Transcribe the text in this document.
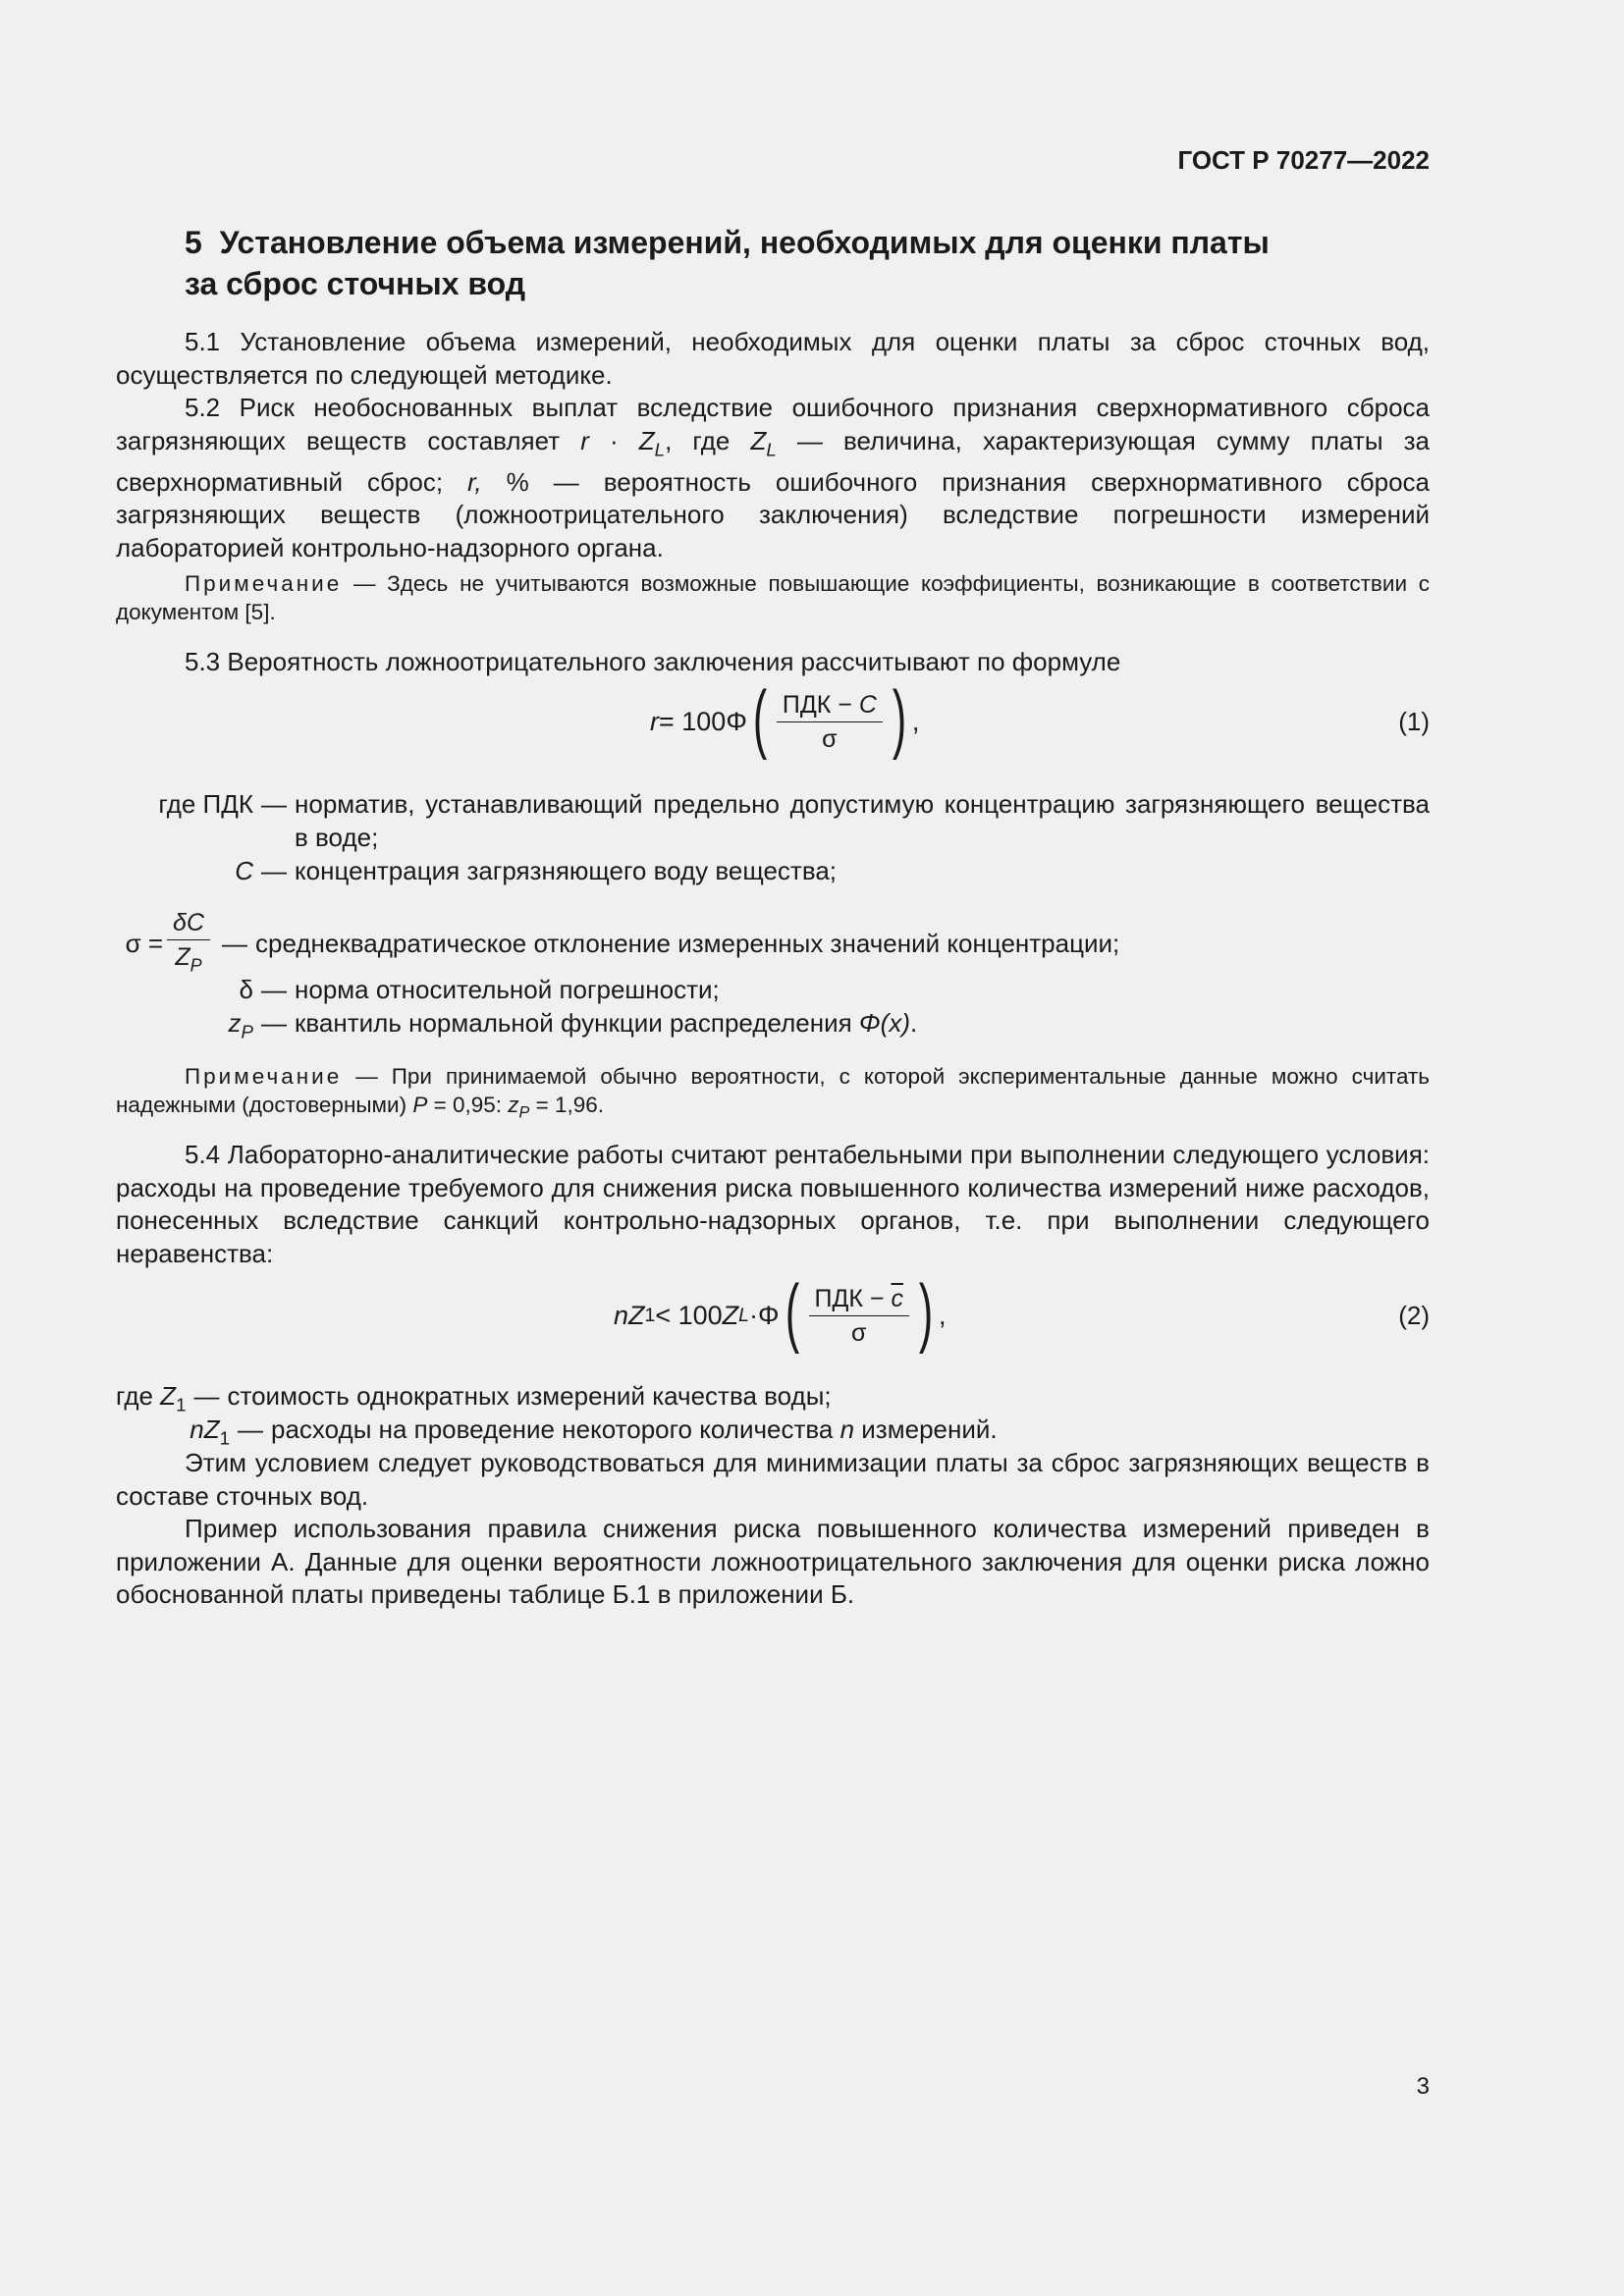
ГОСТ Р 70277—2022
5 Установление объема измерений, необходимых для оценки платы
за сброс сточных вод
5.1 Установление объема измерений, необходимых для оценки платы за сброс сточных вод, осуществляется по следующей методике.
5.2 Риск необоснованных выплат вследствие ошибочного признания сверхнормативного сброса загрязняющих веществ составляет $r \cdot Z_L$, где $Z_L$ — величина, характеризующая сумму платы за сверхнормативный сброс; r, % — вероятность ошибочного признания сверхнормативного сброса загрязняющих веществ (ложноотрицательного заключения) вследствие погрешности измерений лабораторией контрольно-надзорного органа.
Примечание — Здесь не учитываются возможные повышающие коэффициенты, возникающие в соответствии с документом [5].
5.3 Вероятность ложноотрицательного заключения рассчитывают по формуле
r = 100Φ ( $\frac{\text{ПДК − C}}{\sigma}$ ) ,	(1)
где ПДК — норматив, устанавливающий предельно допустимую концентрацию загрязняющего вещества в воде;
C — концентрация загрязняющего воду вещества;
$\sigma = \frac{\delta C}{Z_P}$ — среднеквадратическое отклонение измеренных значений концентрации;
δ — норма относительной погрешности;
$z_P$ — квантиль нормальной функции распределения Φ(x).
Примечание — При принимаемой обычно вероятности, с которой экспериментальные данные можно считать надежными (достоверными) P = 0,95: $z_P = 1,96$.
5.4 Лабораторно-аналитические работы считают рентабельными при выполнении следующего условия: расходы на проведение требуемого для снижения риска повышенного количества измерений ниже расходов, понесенных вследствие санкций контрольно-надзорных органов, т.е. при выполнении следующего неравенства:
nZ 1 < 100 Z L ·Φ ( $\frac{ПДК - \overline{c}}{\sigma}$ ) ,	(2)
где $Z_1$ — стоимость однократных измерений качества воды;
$nZ_1$ — расходы на проведение некоторого количества n измерений.
Этим условием следует руководствоваться для минимизации платы за сброс загрязняющих веществ в составе сточных вод.
Пример использования правила снижения риска повышенного количества измерений приведен в приложении А. Данные для оценки вероятности ложноотрицательного заключения для оценки риска ложно обоснованной платы приведены таблице Б.1 в приложении Б.
3
